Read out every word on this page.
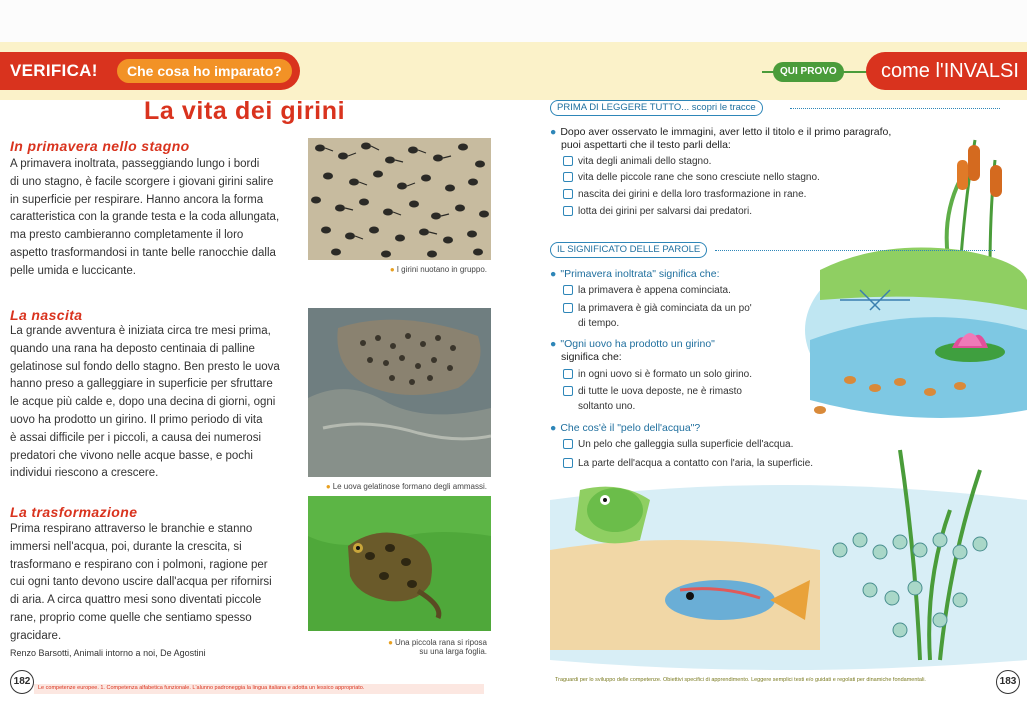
VERIFICA!	Che cosa ho imparato?	QUI PROVO	come l'INVALSI
La vita dei girini
In primavera nello stagno
A primavera inoltrata, passeggiando lungo i bordi
di uno stagno, è facile scorgere i giovani girini salire
in superficie per respirare. Hanno ancora la forma
caratteristica con la grande testa e la coda allungata,
ma presto cambieranno completamente il loro
aspetto trasformandosi in tante belle ranocchie dalla
pelle umida e luccicante.
La nascita
La grande avventura è iniziata circa tre mesi prima,
quando una rana ha deposto centinaia di palline
gelatinose sul fondo dello stagno. Ben presto le uova
hanno preso a galleggiare in superficie per sfruttare
le acque più calde e, dopo una decina di giorni, ogni
uovo ha prodotto un girino. Il primo periodo di vita
è assai difficile per i piccoli, a causa dei numerosi
predatori che vivono nelle acque basse, e pochi
individui riescono a crescere.
La trasformazione
Prima respirano attraverso le branchie e stanno
immersi nell'acqua, poi, durante la crescita, si
trasformano e respirano con i polmoni, ragione per
cui ogni tanto devono uscire dall'acqua per rifornirsi
di aria. A circa quattro mesi sono diventati piccole
rane, proprio come quelle che sentiamo spesso
gracidare.
● I girini nuotano in gruppo.
● Le uova gelatinose formano degli ammassi.
● Una piccola rana si riposa
su una larga foglia.
Renzo Barsotti, Animali intorno a noi, De Agostini
182
Le competenze europee. 1. Competenza alfabetica funzionale. L'alunno padroneggia la lingua italiana e adotta un lessico appropriato.
Traguardi per lo sviluppo delle competenze. Obiettivi specifici di apprendimento. Leggere semplici testi e/o guidati e regolati per dinamiche fondamentali.	183
PRIMA DI LEGGERE TUTTO... scopri le tracce
● Dopo aver osservato le immagini, aver letto il titolo e il primo paragrafo,
puoi aspettarti che il testo parli della:
vita degli animali dello stagno.
vita delle piccole rane che sono cresciute nello stagno.
nascita dei girini e della loro trasformazione in rane.
lotta dei girini per salvarsi dai predatori.
IL SIGNIFICATO DELLE PAROLE
● "Primavera inoltrata" significa che:
la primavera è appena cominciata.
la primavera è già cominciata da un po'
di tempo.
● "Ogni uovo ha prodotto un girino"
significa che:
in ogni uovo si è formato un solo girino.
di tutte le uova deposte, ne è rimasto
soltanto uno.
● Che cos'è il "pelo dell'acqua"?
Un pelo che galleggia sulla superficie dell'acqua.
La parte dell'acqua a contatto con l'aria, la superficie.
